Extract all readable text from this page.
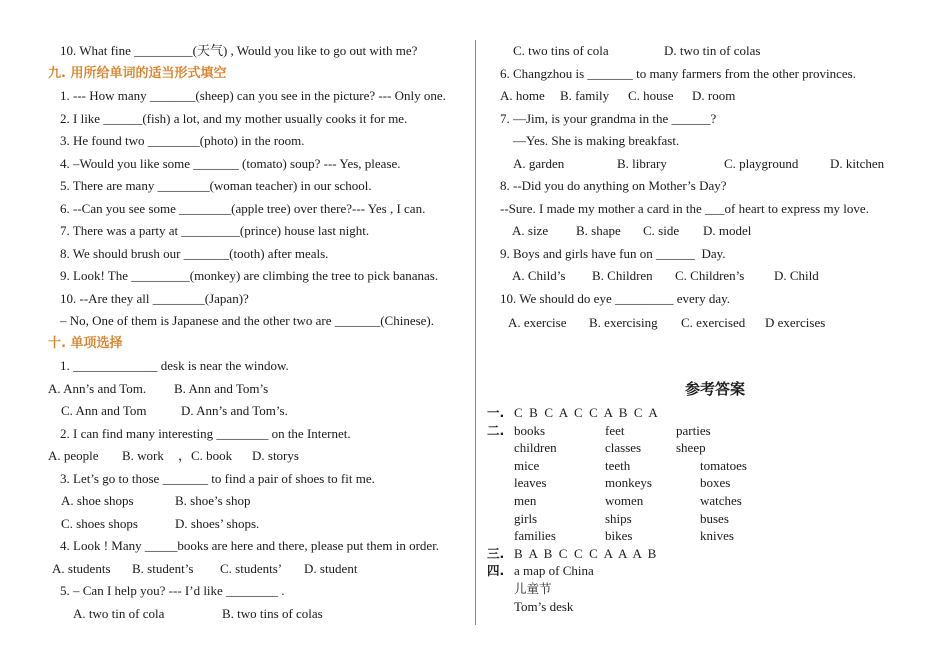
10. What fine _________(天气) , Would you like to go out with me?
九. 用所给单词的适当形式填空
1. --- How many _______(sheep) can you see in the picture? --- Only one.
2. I like ______(fish) a lot, and my mother usually cooks it for me.
3. He found two ________(photo) in the room.
4. –Would you like some _______ (tomato) soup? --- Yes, please.
5. There are many ________(woman teacher) in our school.
6. --Can you see some ________(apple tree) over there?--- Yes , I can.
7. There was a party at _________(prince) house last night.
8. We should brush our _______(tooth) after meals.
9. Look! The _________(monkey) are climbing the tree to pick bananas.
10. --Are they all ________(Japan)?
– No, One of them is Japanese and the other two are _______(Chinese).
十. 单项选择
1. _____________ desk is near the window.
A. Ann’s and Tom.	B. Ann and Tom’s
C. Ann and Tom	D. Ann’s and Tom’s.
2. I can find many interesting ________ on the Internet.
A. people	B. work	，C. book	D. storys
3. Let’s go to those _______ to find a pair of shoes to fit me.
A. shoe shops	B. shoe’s shop
C. shoes shops	D. shoes’ shops.
4. Look ! Many _____books are here and there, please put them in order.
A. students	B. student’s	C. students’	D. student
5. – Can I help you? --- I’d like ________ .
A. two tin of cola	B. two tins of colas
C. two tins of cola	D. two tin of colas
6. Changzhou is _______ to many farmers from the other provinces.
A. home	B. family	C. house	D. room
7. —Jim, is your grandma in the ______?
—Yes. She is making breakfast.
A. garden	B. library	C. playground	D. kitchen
8. --Did you do anything on Mother’s Day?
--Sure. I made my mother a card in the ___of heart to express my love.
A. size	B. shape	C. side	D. model
9. Boys and girls have fun on ______  Day.
A. Child’s	B. Children	C. Children’s	D. Child
10. We should do eye _________ every day.
A. exercise	B. exercising	C. exercised	D exercises
参考答案
一. C  B  C  A  C  C  A  B  C  A
二. books	feet	parties
children	classes	sheep
mice	teeth	tomatoes
leaves	monkeys	boxes
men	women	watches
girls	ships	buses
families	bikes	knives
三. B  A  B  C  C  C  A  A  A  B
四. a map of China
儿童节
Tom’s desk
